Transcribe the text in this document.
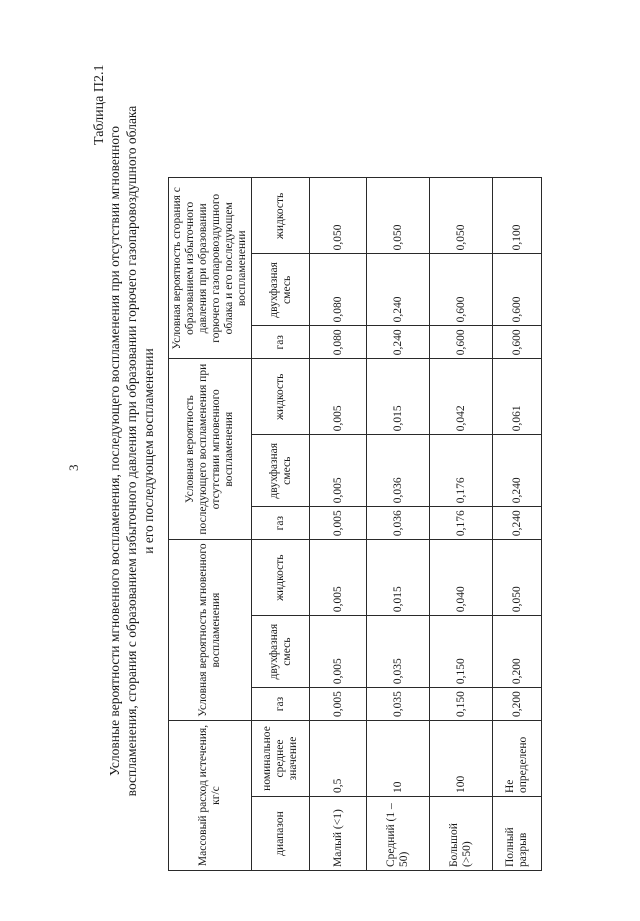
3
Таблица П2.1
Условные вероятности мгновенного воспламенения, последующего воспламенения при отсутствии мгновенного воспламенения, сгорания с образованием избыточного давления при образовании горючего газопаровоздушного облака и его последующем воспламенении
Массовый расход истечения, кг/с		Условная вероятность мгновенного воспламенения			Условная вероятность последующего воспламенения при отсутствии мгновенного воспламенения			Условная вероятность сгорания с образованием избыточного давления при образовании горючего газопаровоздушного облака и его последующем воспламенении		
диапазон	номинальное среднее значение	газ	двухфазная смесь	жидкость	газ	двухфазная смесь	жидкость	газ	двухфазная смесь	жидкость
Малый (<1)	0,5	0,005	0,005	0,005	0,005	0,005	0,005	0,080	0,080	0,050
Средний (1 – 50)	10	0,035	0,035	0,015	0,036	0,036	0,015	0,240	0,240	0,050
Большой (>50)	100	0,150	0,150	0,040	0,176	0,176	0,042	0,600	0,600	0,050
Полный разрыв	Не определено	0,200	0,200	0,050	0,240	0,240	0,061	0,600	0,600	0,100
